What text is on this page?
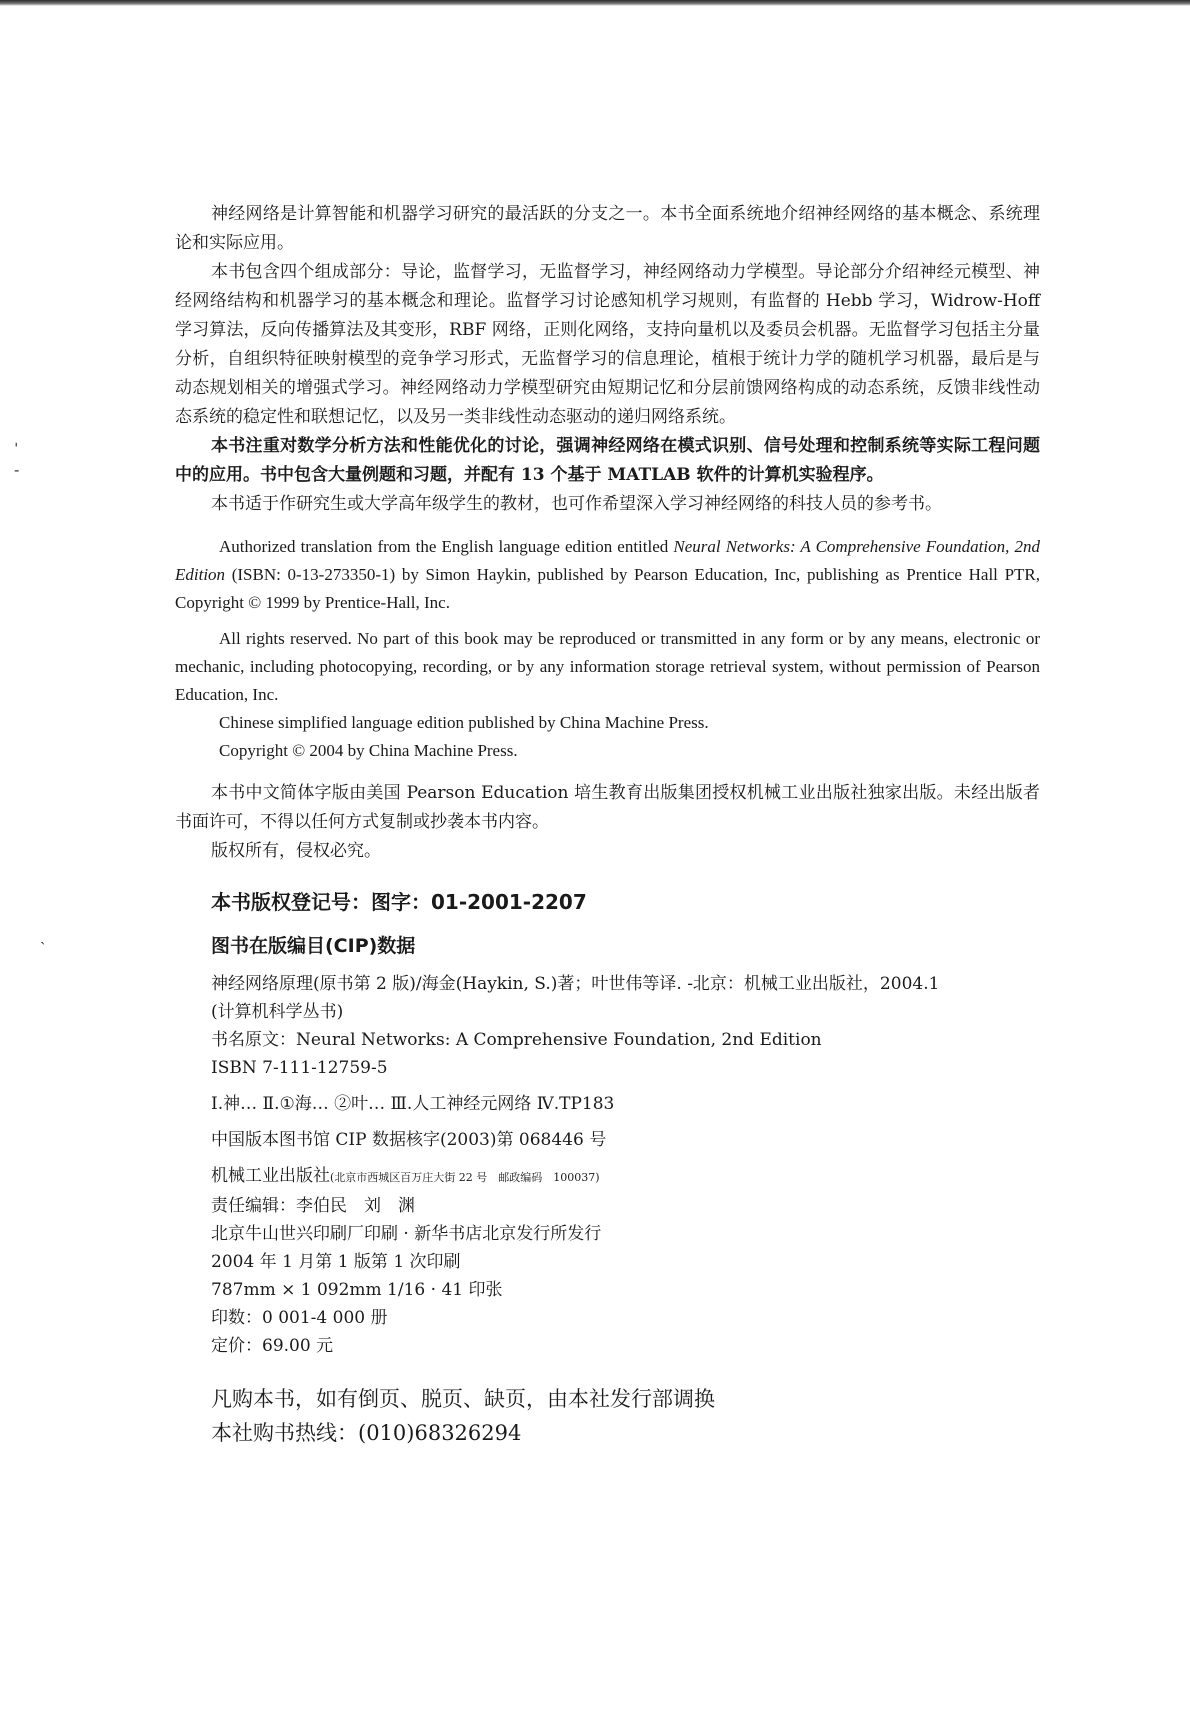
ˈ
-
ˏ

神经网络是计算智能和机器学习研究的最活跃的分支之一。本书全面系统地介绍神经网络的基本概念、系统理论和实际应用。

本书包含四个组成部分：导论，监督学习，无监督学习，神经网络动力学模型。导论部分介绍神经元模型、神经网络结构和机器学习的基本概念和理论。监督学习讨论感知机学习规则，有监督的 Hebb 学习，Widrow-Hoff 学习算法，反向传播算法及其变形，RBF 网络，正则化网络，支持向量机以及委员会机器。无监督学习包括主分量分析，自组织特征映射模型的竞争学习形式，无监督学习的信息理论，植根于统计力学的随机学习机器，最后是与动态规划相关的增强式学习。神经网络动力学模型研究由短期记忆和分层前馈网络构成的动态系统，反馈非线性动态系统的稳定性和联想记忆，以及另一类非线性动态驱动的递归网络系统。

本书注重对数学分析方法和性能优化的讨论，强调神经网络在模式识别、信号处理和控制系统等实际工程问题中的应用。书中包含大量例题和习题，并配有 13 个基于 MATLAB 软件的计算机实验程序。

本书适于作研究生或大学高年级学生的教材，也可作希望深入学习神经网络的科技人员的参考书。

Authorized translation from the English language edition entitled Neural Networks: A Comprehensive Foundation, 2nd Edition (ISBN: 0-13-273350-1) by Simon Haykin, published by Pearson Education, Inc, publishing as Prentice Hall PTR, Copyright © 1999 by Prentice-Hall, Inc.

All rights reserved. No part of this book may be reproduced or transmitted in any form or by any means, electronic or mechanic, including photocopying, recording, or by any information storage retrieval system, without permission of Pearson Education, Inc.

Chinese simplified language edition published by China Machine Press.

Copyright © 2004 by China Machine Press.

本书中文简体字版由美国 Pearson Education 培生教育出版集团授权机械工业出版社独家出版。未经出版者书面许可，不得以任何方式复制或抄袭本书内容。

版权所有，侵权必究。

本书版权登记号：图字：01-2001-2207

图书在版编目(CIP)数据

神经网络原理(原书第 2 版)/海金(Haykin, S.)著；叶世伟等译. -北京：机械工业出版社，2004.1

(计算机科学丛书)

书名原文：Neural Networks: A Comprehensive Foundation, 2nd Edition

ISBN 7-111-12759-5

Ⅰ.神… Ⅱ.①海… ②叶… Ⅲ.人工神经元网络 Ⅳ.TP183

中国版本图书馆 CIP 数据核字(2003)第 068446 号

机械工业出版社(北京市西城区百万庄大街 22 号　邮政编码　100037)

责任编辑：李伯民　刘　渊

北京牛山世兴印刷厂印刷 · 新华书店北京发行所发行

2004 年 1 月第 1 版第 1 次印刷

787mm × 1 092mm 1/16 · 41 印张

印数：0 001-4 000 册

定价：69.00 元

凡购本书，如有倒页、脱页、缺页，由本社发行部调换

本社购书热线：(010)68326294
